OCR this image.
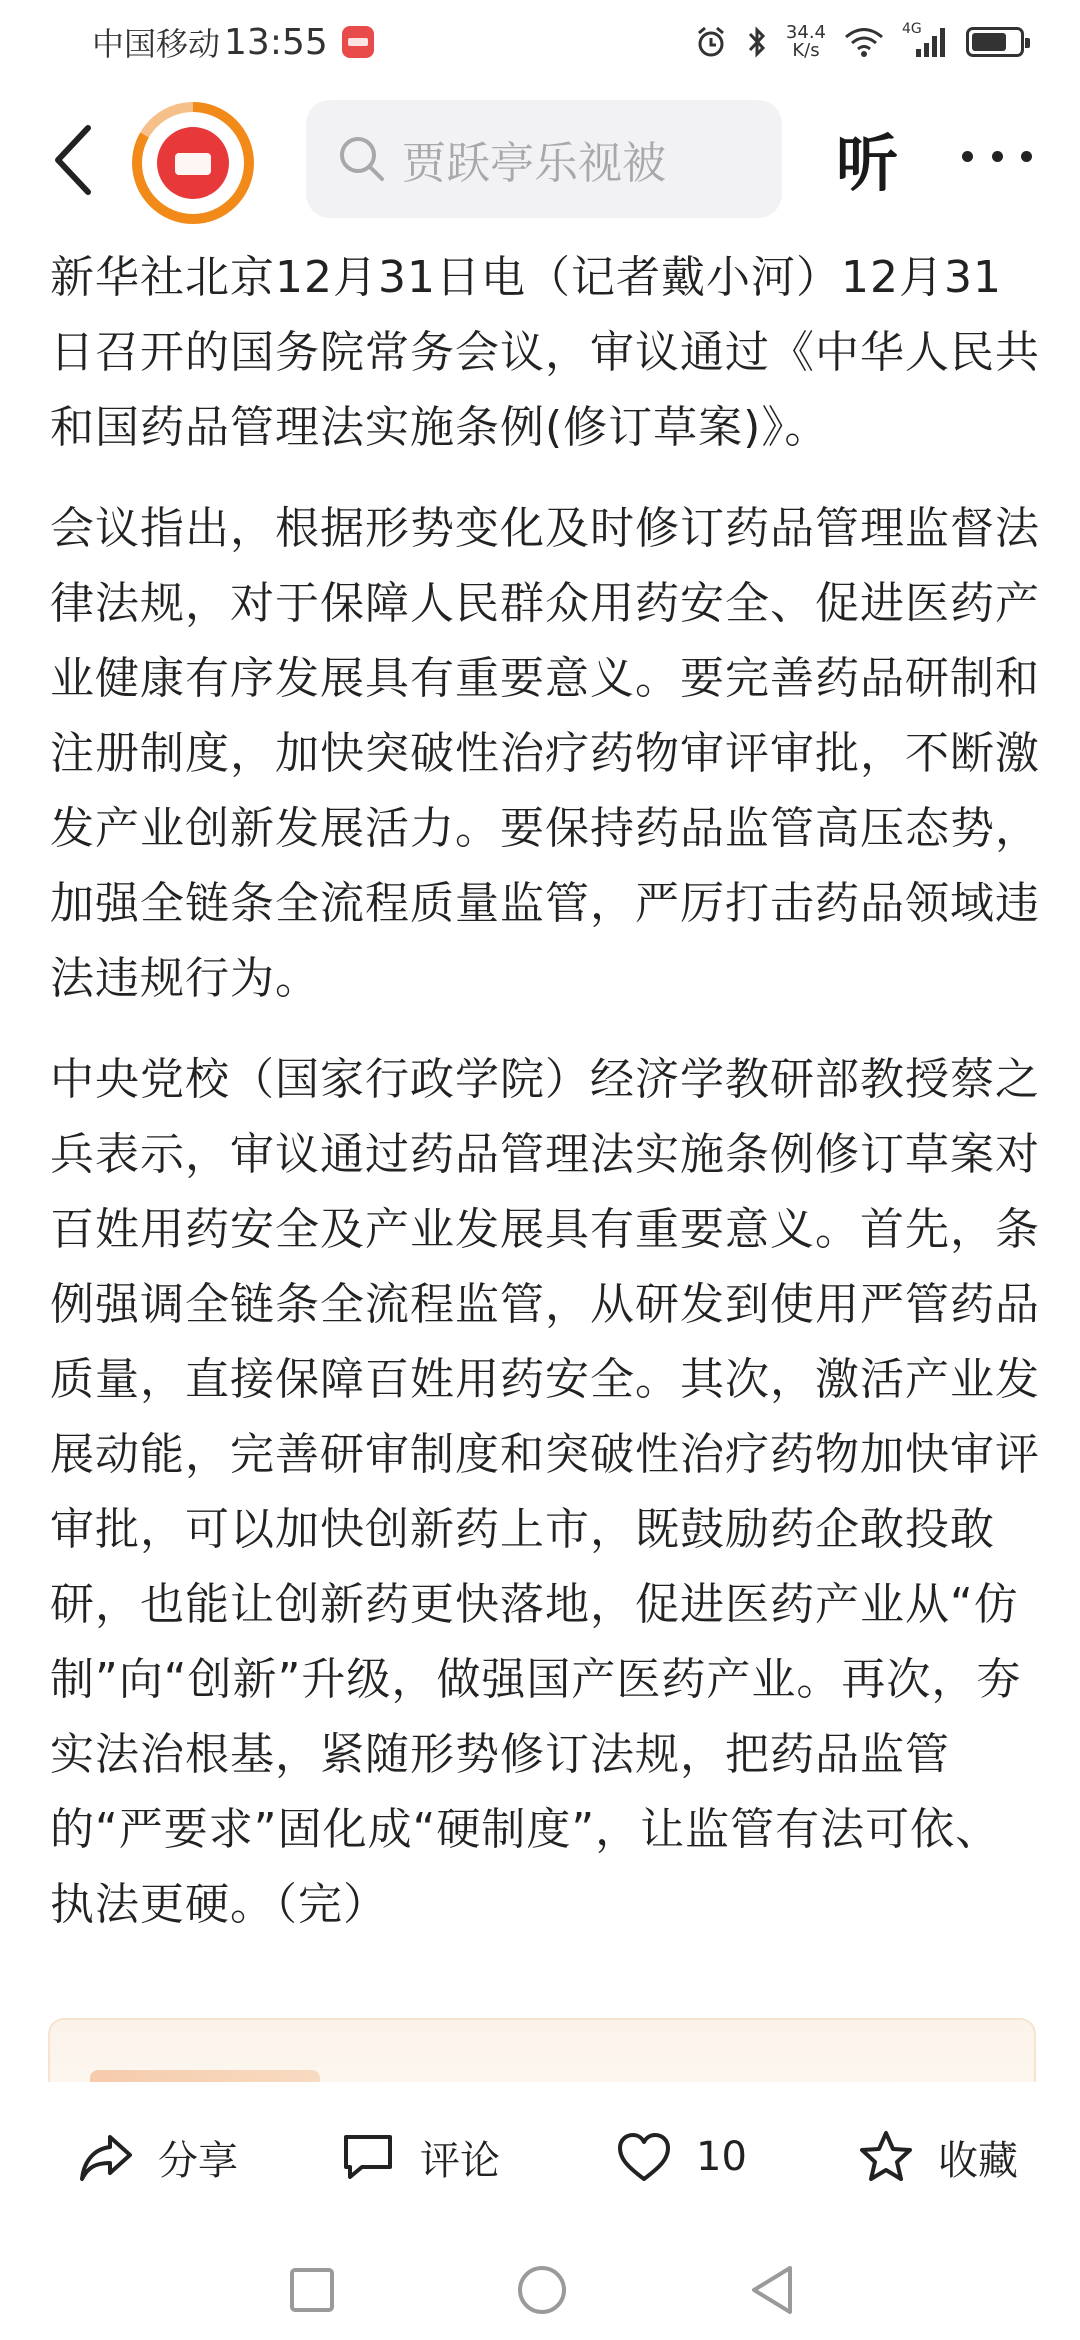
中国移动 13:55	34.4
K/s
4G
贾跃亭乐视被	听

新华社北京12月31日电（记者戴小河）12月31日召开的国务院常务会议，审议通过《中华人民共和国药品管理法实施条例(修订草案)》。

会议指出，根据形势变化及时修订药品管理监督法律法规，对于保障人民群众用药安全、促进医药产业健康有序发展具有重要意义。要完善药品研制和注册制度，加快突破性治疗药物审评审批，不断激发产业创新发展活力。要保持药品监管高压态势，加强全链条全流程质量监管，严厉打击药品领域违法违规行为。

中央党校（国家行政学院）经济学教研部教授蔡之兵表示，审议通过药品管理法实施条例修订草案对百姓用药安全及产业发展具有重要意义。首先，条例强调全链条全流程监管，从研发到使用严管药品质量，直接保障百姓用药安全。其次，激活产业发展动能，完善研审制度和突破性治疗药物加快审评审批，可以加快创新药上市，既鼓励药企敢投敢研，也能让创新药更快落地，促进医药产业从“仿制”向“创新”升级，做强国产医药产业。再次，夯实法治根基，紧随形势修订法规，把药品监管的“严要求”固化成“硬制度”，让监管有法可依、执法更硬。（完）

分享	评论	10	收藏
